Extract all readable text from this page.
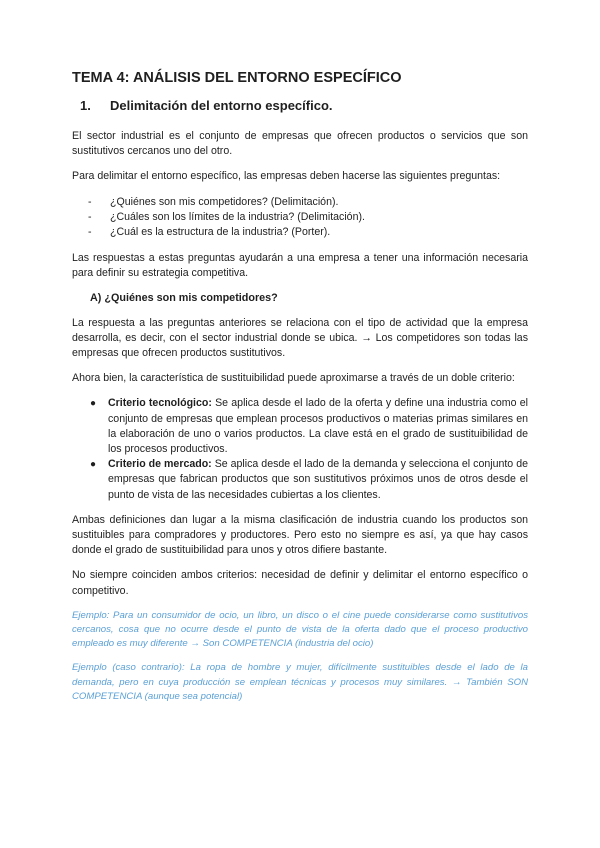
TEMA 4: ANÁLISIS DEL ENTORNO ESPECÍFICO
1.	Delimitación del entorno específico.

El sector industrial es el conjunto de empresas que ofrecen productos o servicios que son sustitutivos cercanos uno del otro.

Para delimitar el entorno específico, las empresas deben hacerse las siguientes preguntas:

-	¿Quiénes son mis competidores? (Delimitación).
-	¿Cuáles son los límites de la industria? (Delimitación).
-	¿Cuál es la estructura de la industria? (Porter).

Las respuestas a estas preguntas ayudarán a una empresa a tener una información necesaria para definir su estrategia competitiva.

A) ¿Quiénes son mis competidores?

La respuesta a las preguntas anteriores se relaciona con el tipo de actividad que la empresa desarrolla, es decir, con el sector industrial donde se ubica. → Los competidores son todas las empresas que ofrecen productos sustitutivos.

Ahora bien, la característica de sustituibilidad puede aproximarse a través de un doble criterio:

●	Criterio tecnológico: Se aplica desde el lado de la oferta y define una industria como el conjunto de empresas que emplean procesos productivos o materias primas similares en la elaboración de uno o varios productos. La clave está en el grado de sustituibilidad de los procesos productivos.
●	Criterio de mercado: Se aplica desde el lado de la demanda y selecciona el conjunto de empresas que fabrican productos que son sustitutivos próximos unos de otros desde el punto de vista de las necesidades cubiertas a los clientes.

Ambas definiciones dan lugar a la misma clasificación de industria cuando los productos son sustituibles para compradores y productores. Pero esto no siempre es así, ya que hay casos donde el grado de sustituibilidad para unos y otros difiere bastante.

No siempre coinciden ambos criterios: necesidad de definir y delimitar el entorno específico o competitivo.

Ejemplo: Para un consumidor de ocio, un libro, un disco o el cine puede considerarse como sustitutivos cercanos, cosa que no ocurre desde el punto de vista de la oferta dado que el proceso productivo empleado es muy diferente → Son COMPETENCIA (industria del ocio)

Ejemplo (caso contrario): La ropa de hombre y mujer, difícilmente sustituibles desde el lado de la demanda, pero en cuya producción se emplean técnicas y procesos muy similares. → También SON COMPETENCIA (aunque sea potencial)
